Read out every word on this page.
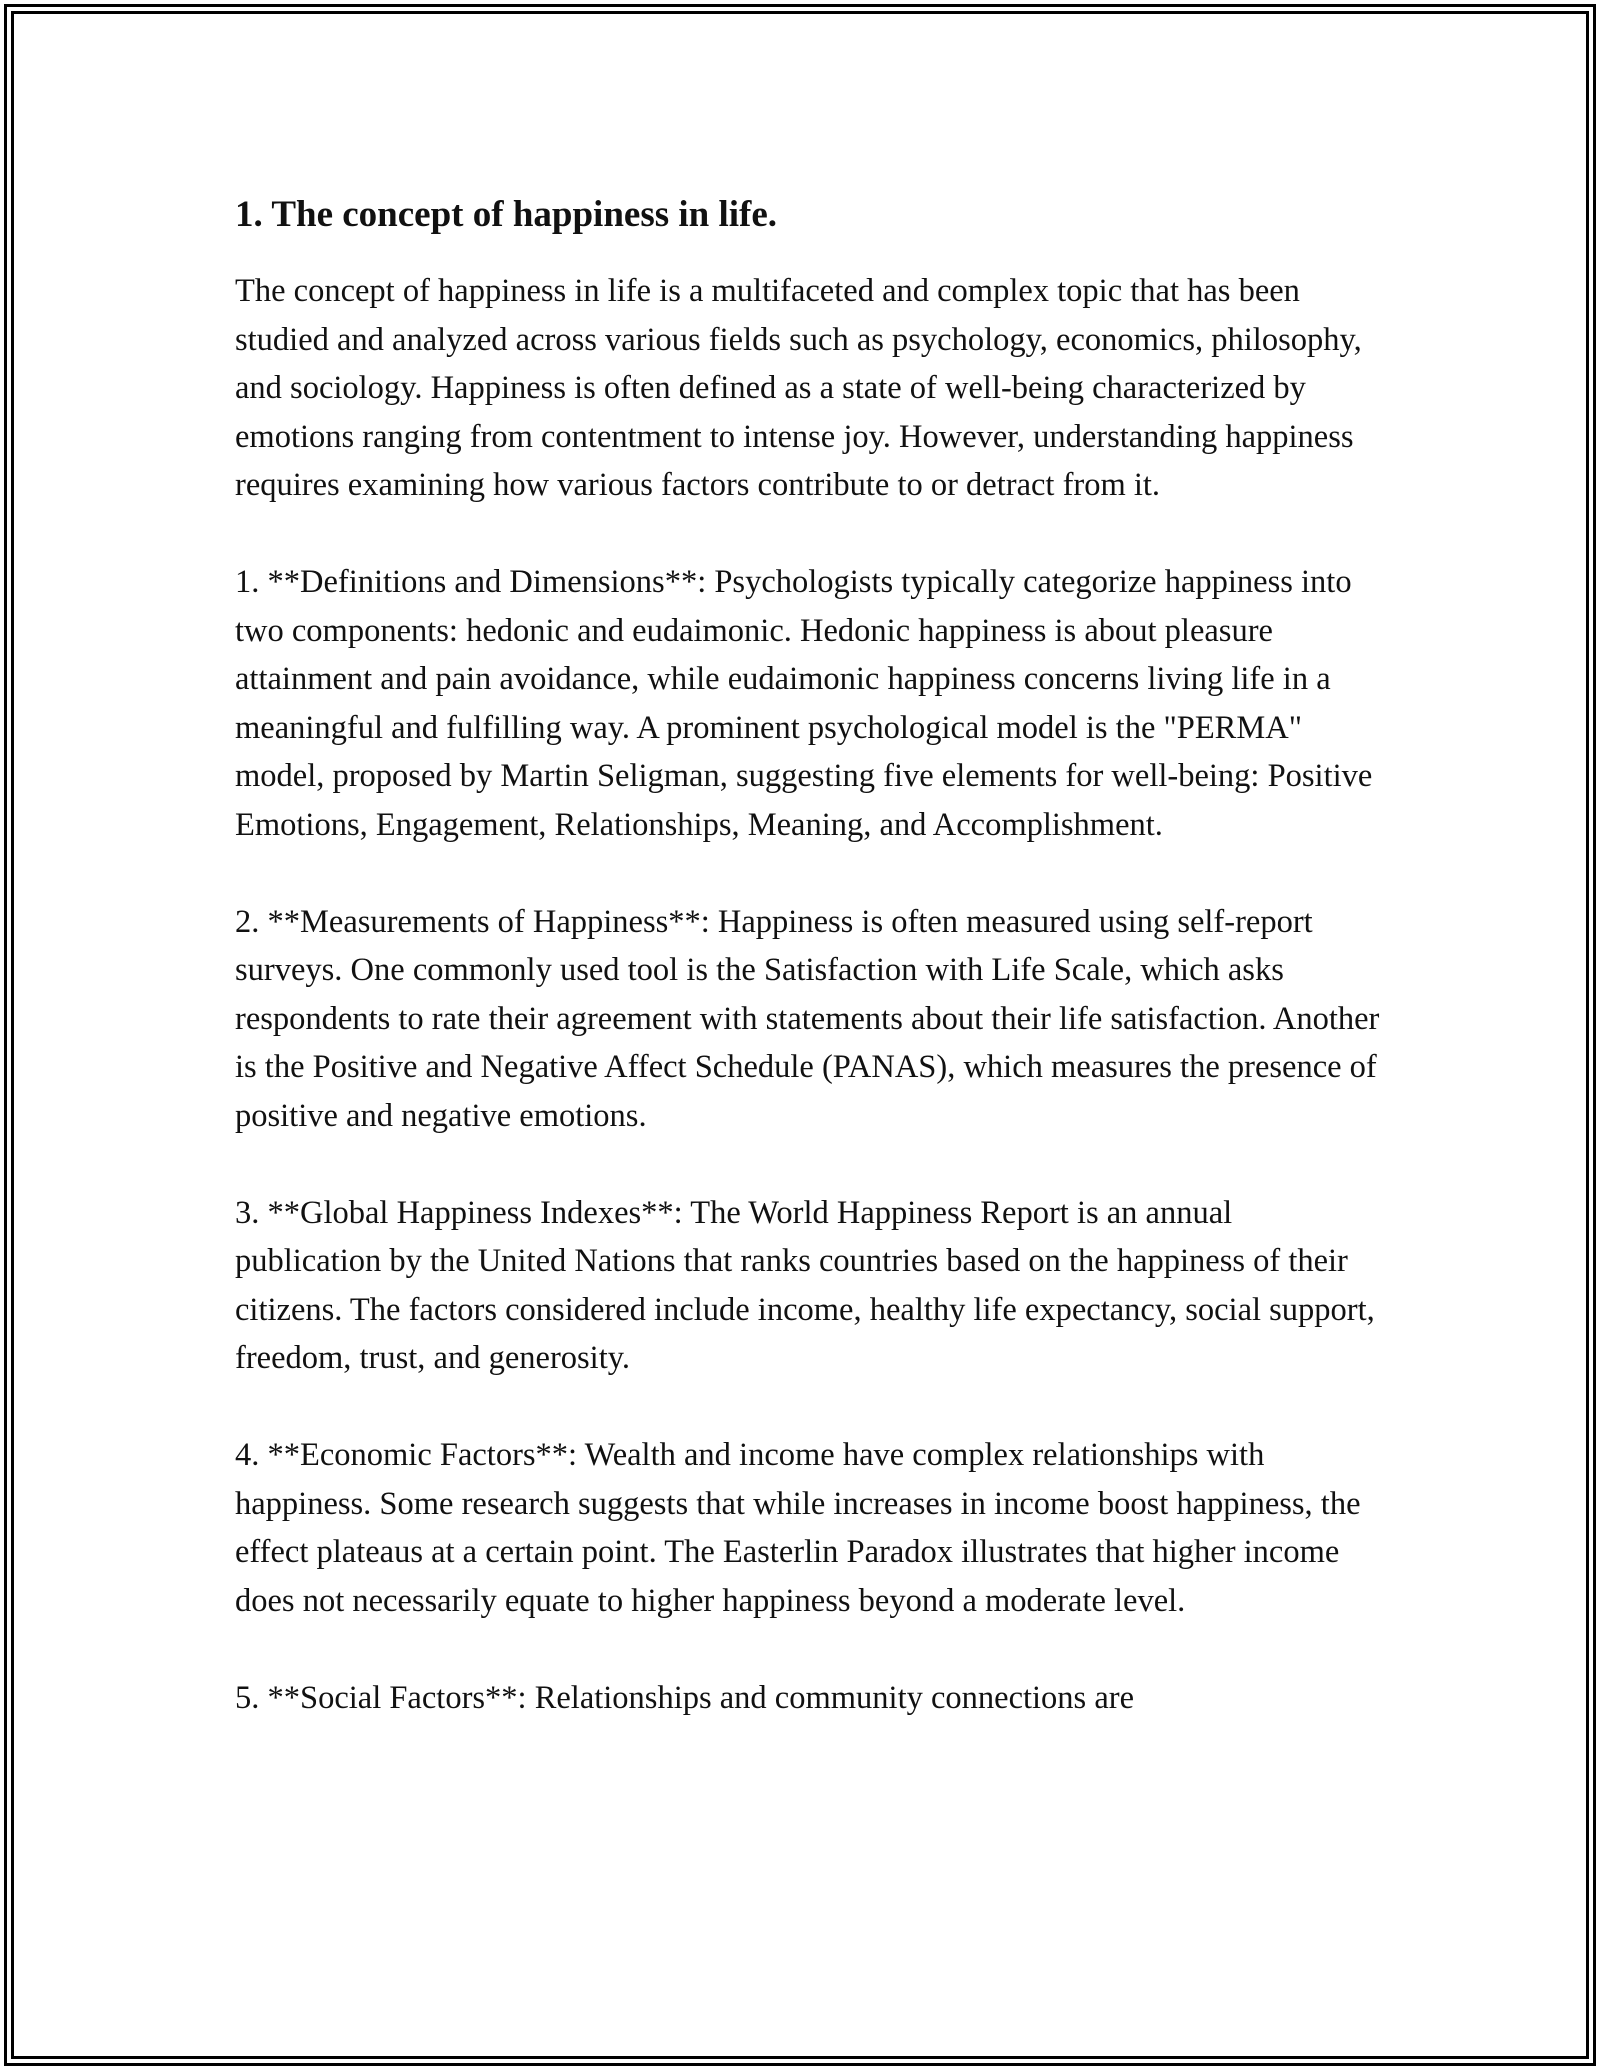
1. The concept of happiness in life.

The concept of happiness in life is a multifaceted and complex topic that has been studied and analyzed across various fields such as psychology, economics, philosophy, and sociology. Happiness is often defined as a state of well-being characterized by emotions ranging from contentment to intense joy. However, understanding happiness requires examining how various factors contribute to or detract from it.

1. **Definitions and Dimensions**: Psychologists typically categorize happiness into two components: hedonic and eudaimonic. Hedonic happiness is about pleasure attainment and pain avoidance, while eudaimonic happiness concerns living life in a meaningful and fulfilling way. A prominent psychological model is the "PERMA" model, proposed by Martin Seligman, suggesting five elements for well-being: Positive Emotions, Engagement, Relationships, Meaning, and Accomplishment.

2. **Measurements of Happiness**: Happiness is often measured using self-report surveys. One commonly used tool is the Satisfaction with Life Scale, which asks respondents to rate their agreement with statements about their life satisfaction. Another is the Positive and Negative Affect Schedule (PANAS), which measures the presence of positive and negative emotions.

3. **Global Happiness Indexes**: The World Happiness Report is an annual publication by the United Nations that ranks countries based on the happiness of their citizens. The factors considered include income, healthy life expectancy, social support, freedom, trust, and generosity.

4. **Economic Factors**: Wealth and income have complex relationships with happiness. Some research suggests that while increases in income boost happiness, the effect plateaus at a certain point. The Easterlin Paradox illustrates that higher income does not necessarily equate to higher happiness beyond a moderate level.

5. **Social Factors**: Relationships and community connections are
